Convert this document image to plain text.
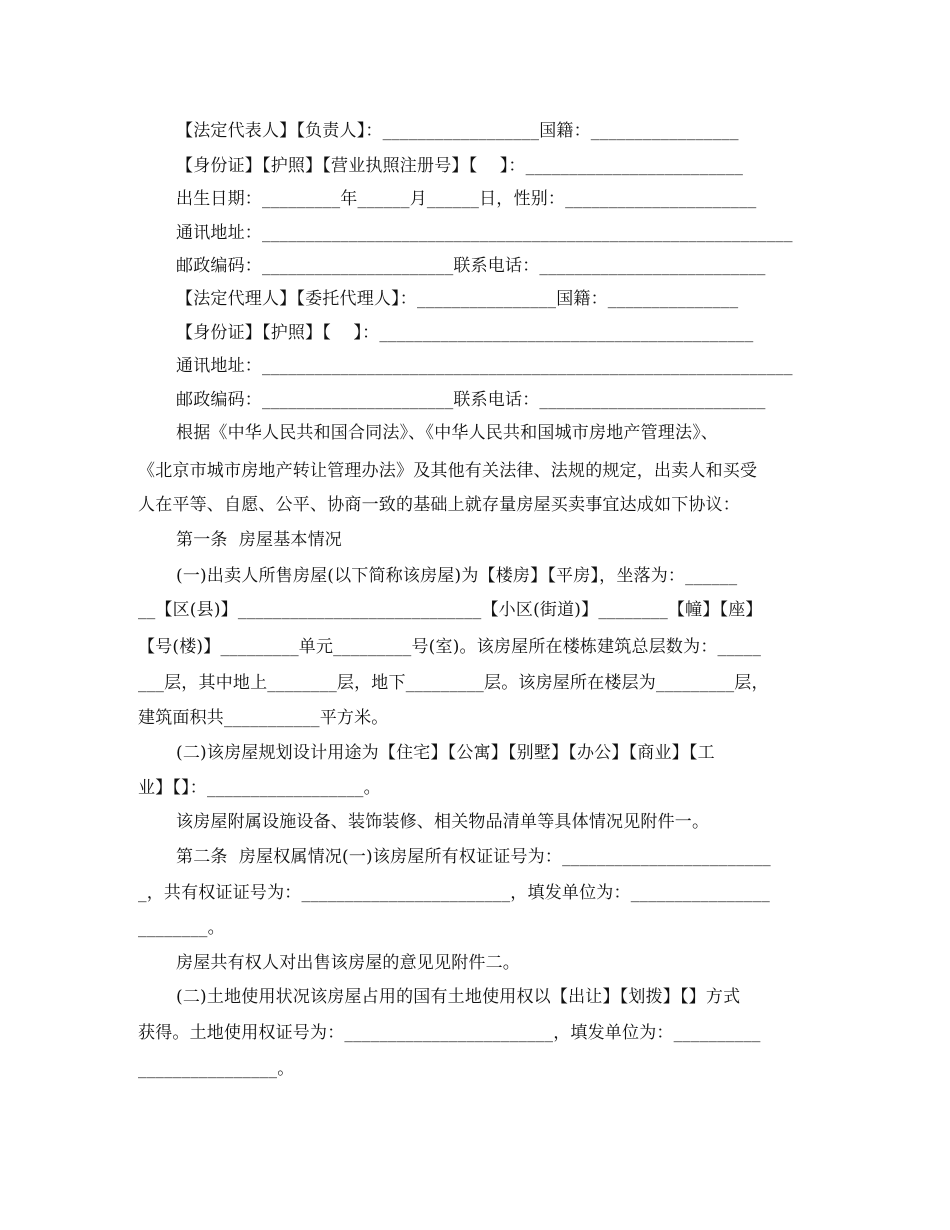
【法定代表人】【负责人】：__________________国籍：_________________
【身份证】【护照】【营业执照注册号】【    】：_________________________
出生日期：_________年______月______日，性别：______________________
通讯地址：_____________________________________________________________
邮政编码：______________________联系电话：__________________________
【法定代理人】【委托代理人】：________________国籍：_______________
【身份证】【护照】【    】：___________________________________________
通讯地址：_____________________________________________________________
邮政编码：______________________联系电话：__________________________
根据《中华人民共和国合同法》、《中华人民共和国城市房地产管理法》、
《北京市城市房地产转让管理办法》及其他有关法律、法规的规定，出卖人和买受
人在平等、自愿、公平、协商一致的基础上就存量房屋买卖事宜达成如下协议：
第一条  房屋基本情况
(一)出卖人所售房屋(以下简称该房屋)为【楼房】【平房】，坐落为：______
__【区(县)】____________________________【小区(街道)】________【幢】【座】
【号(楼)】_________单元_________号(室)。该房屋所在楼栋建筑总层数为：_____
___层，其中地上________层，地下_________层。该房屋所在楼层为_________层，
建筑面积共___________平方米。
(二)该房屋规划设计用途为【住宅】【公寓】【别墅】【办公】【商业】【工
业】【】：__________________。
该房屋附属设施设备、装饰装修、相关物品清单等具体情况见附件一。
第二条  房屋权属情况(一)该房屋所有权证证号为：________________________
_，共有权证证号为：________________________，填发单位为：________________
________。
房屋共有权人对出售该房屋的意见见附件二。
(二)土地使用状况该房屋占用的国有土地使用权以【出让】【划拨】【】方式
获得。土地使用权证号为：________________________，填发单位为：__________
________________。
